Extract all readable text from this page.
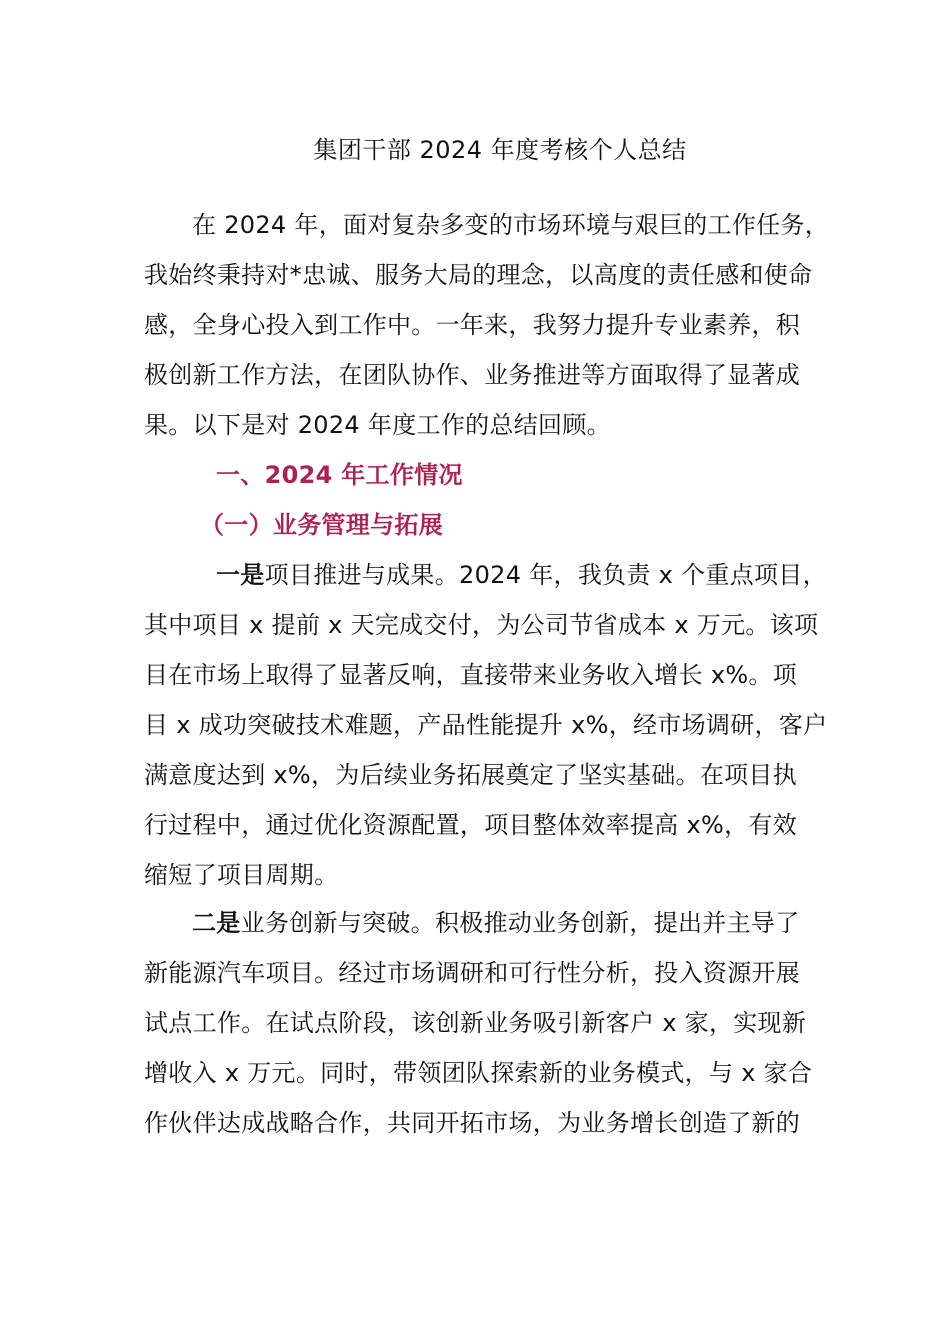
集团干部 2024 年度考核个人总结
在 2024 年，面对复杂多变的市场环境与艰巨的工作任务，
我始终秉持对*忠诚、服务大局的理念，以高度的责任感和使命
感，全身心投入到工作中。一年来，我努力提升专业素养，积
极创新工作方法，在团队协作、业务推进等方面取得了显著成
果。以下是对 2024 年度工作的总结回顾。
一、2024 年工作情况
（一）业务管理与拓展
一是项目推进与成果。2024 年，我负责 x 个重点项目，
其中项目 x 提前 x 天完成交付，为公司节省成本 x 万元。该项
目在市场上取得了显著反响，直接带来业务收入增长 x%。项
目 x 成功突破技术难题，产品性能提升 x%，经市场调研，客户
满意度达到 x%，为后续业务拓展奠定了坚实基础。在项目执
行过程中，通过优化资源配置，项目整体效率提高 x%，有效
缩短了项目周期。
二是业务创新与突破。积极推动业务创新，提出并主导了
新能源汽车项目。经过市场调研和可行性分析，投入资源开展
试点工作。在试点阶段，该创新业务吸引新客户 x 家，实现新
增收入 x 万元。同时，带领团队探索新的业务模式，与 x 家合
作伙伴达成战略合作，共同开拓市场，为业务增长创造了新的
